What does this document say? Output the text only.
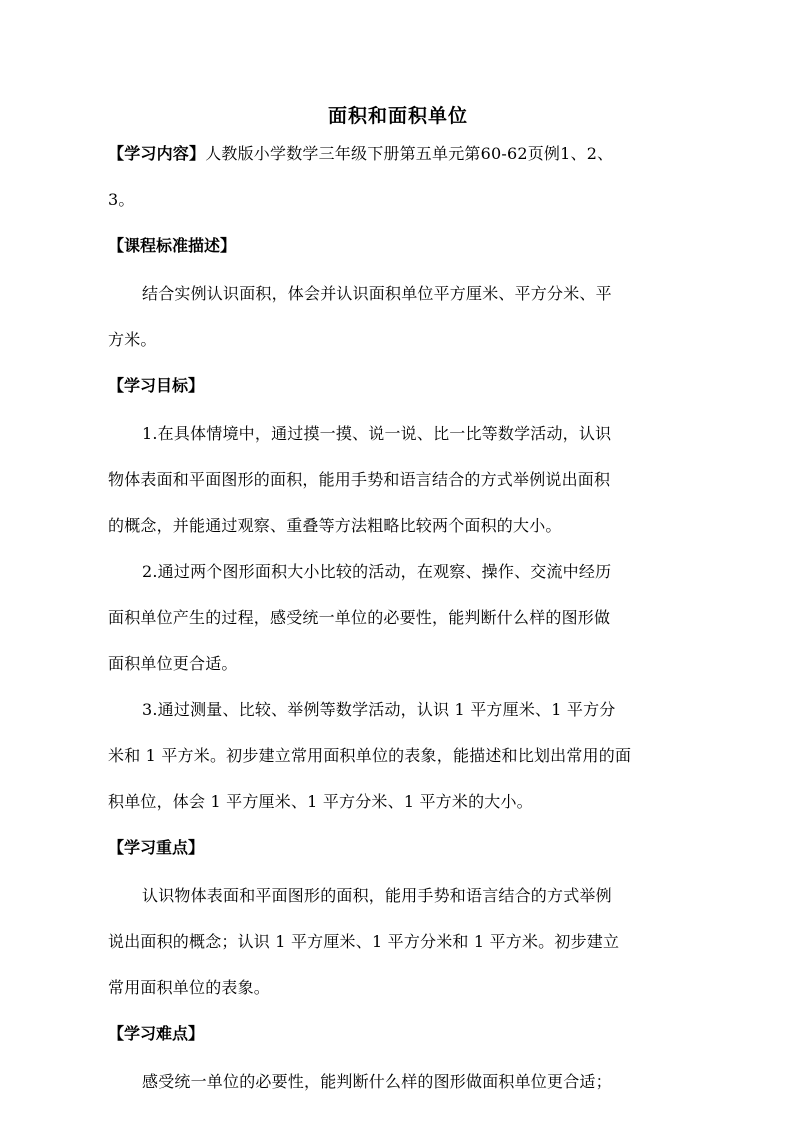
面积和面积单位

【学习内容】人教版小学数学三年级下册第五单元第60-62页例1、2、

3。

【课程标准描述】

结合实例认识面积，体会并认识面积单位平方厘米、平方分米、平

方米。

【学习目标】

1.在具体情境中，通过摸一摸、说一说、比一比等数学活动，认识

物体表面和平面图形的面积，能用手势和语言结合的方式举例说出面积

的概念，并能通过观察、重叠等方法粗略比较两个面积的大小。

2.通过两个图形面积大小比较的活动，在观察、操作、交流中经历

面积单位产生的过程，感受统一单位的必要性，能判断什么样的图形做

面积单位更合适。

3.通过测量、比较、举例等数学活动，认识 1 平方厘米、1 平方分

米和 1 平方米。初步建立常用面积单位的表象，能描述和比划出常用的面

积单位，体会 1 平方厘米、1 平方分米、1 平方米的大小。

【学习重点】

认识物体表面和平面图形的面积，能用手势和语言结合的方式举例

说出面积的概念；认识 1 平方厘米、1 平方分米和 1 平方米。初步建立

常用面积单位的表象。

【学习难点】

感受统一单位的必要性，能判断什么样的图形做面积单位更合适；
